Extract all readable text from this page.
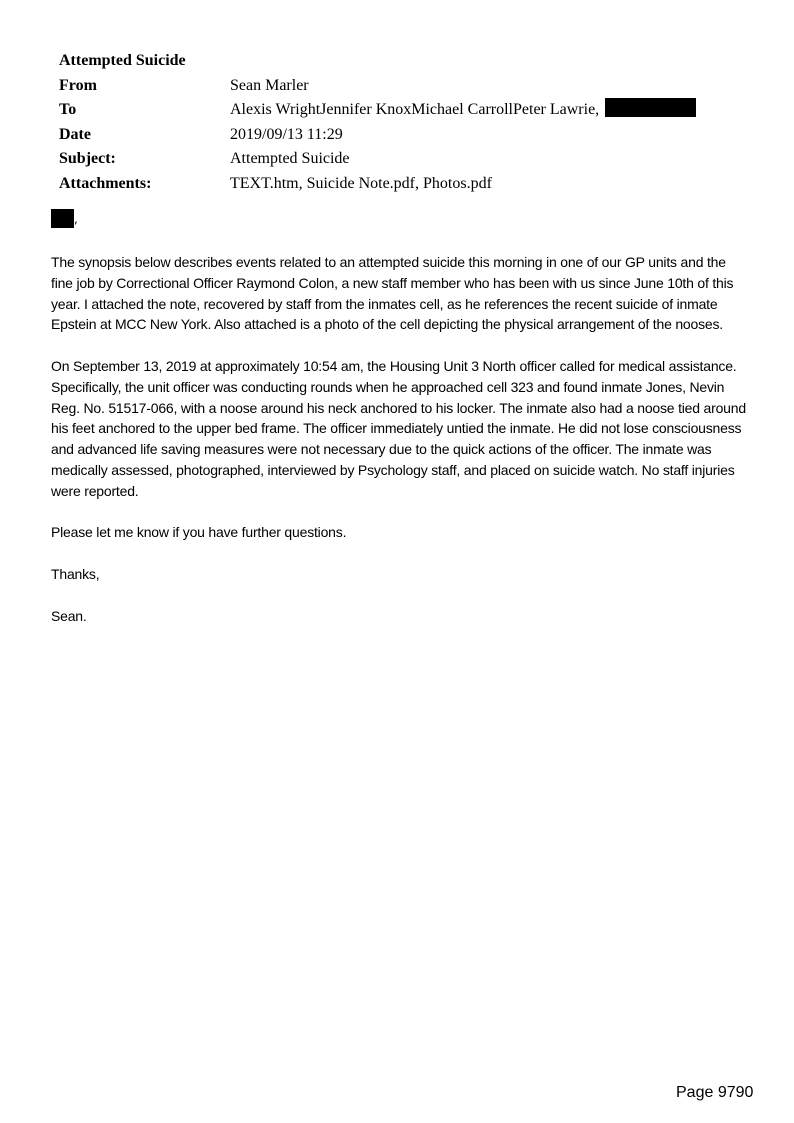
Attempted Suicide
From	Sean Marler
To	Alexis WrightJennifer KnoxMichael CarrollPeter Lawrie,
Date	2019/09/13 11:29
Subject:	Attempted Suicide
Attachments:	TEXT.htm, Suicide Note.pdf, Photos.pdf
,

The synopsis below describes events related to an attempted suicide this morning in one of our GP units and the fine job by Correctional Officer Raymond Colon, a new staff member who has been with us since June 10th of this year. I attached the note, recovered by staff from the inmates cell, as he references the recent suicide of inmate Epstein at MCC New York. Also attached is a photo of the cell depicting the physical arrangement of the nooses.

On September 13, 2019 at approximately 10:54 am, the Housing Unit 3 North officer called for medical assistance. Specifically, the unit officer was conducting rounds when he approached cell 323 and found inmate Jones, Nevin Reg. No. 51517-066, with a noose around his neck anchored to his locker. The inmate also had a noose tied around his feet anchored to the upper bed frame. The officer immediately untied the inmate. He did not lose consciousness and advanced life saving measures were not necessary due to the quick actions of the officer. The inmate was medically assessed, photographed, interviewed by Psychology staff, and placed on suicide watch. No staff injuries were reported.

Please let me know if you have further questions.

Thanks,

Sean.

Page 9790
